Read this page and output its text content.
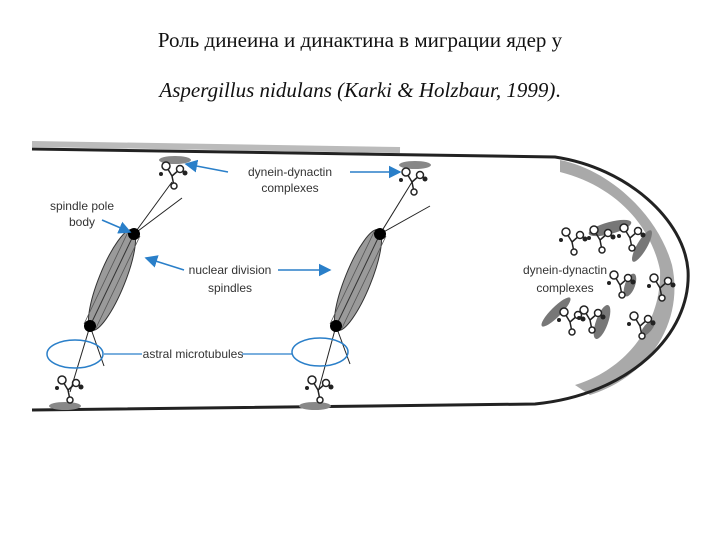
Роль динеина и динактина в миграции ядер у
Aspergillus nidulans (Karki & Holzbaur, 1999).
dynein-dynactin
complexes
spindle pole
body
nuclear division
spindles
dynein-dynactin
complexes
astral microtubules
